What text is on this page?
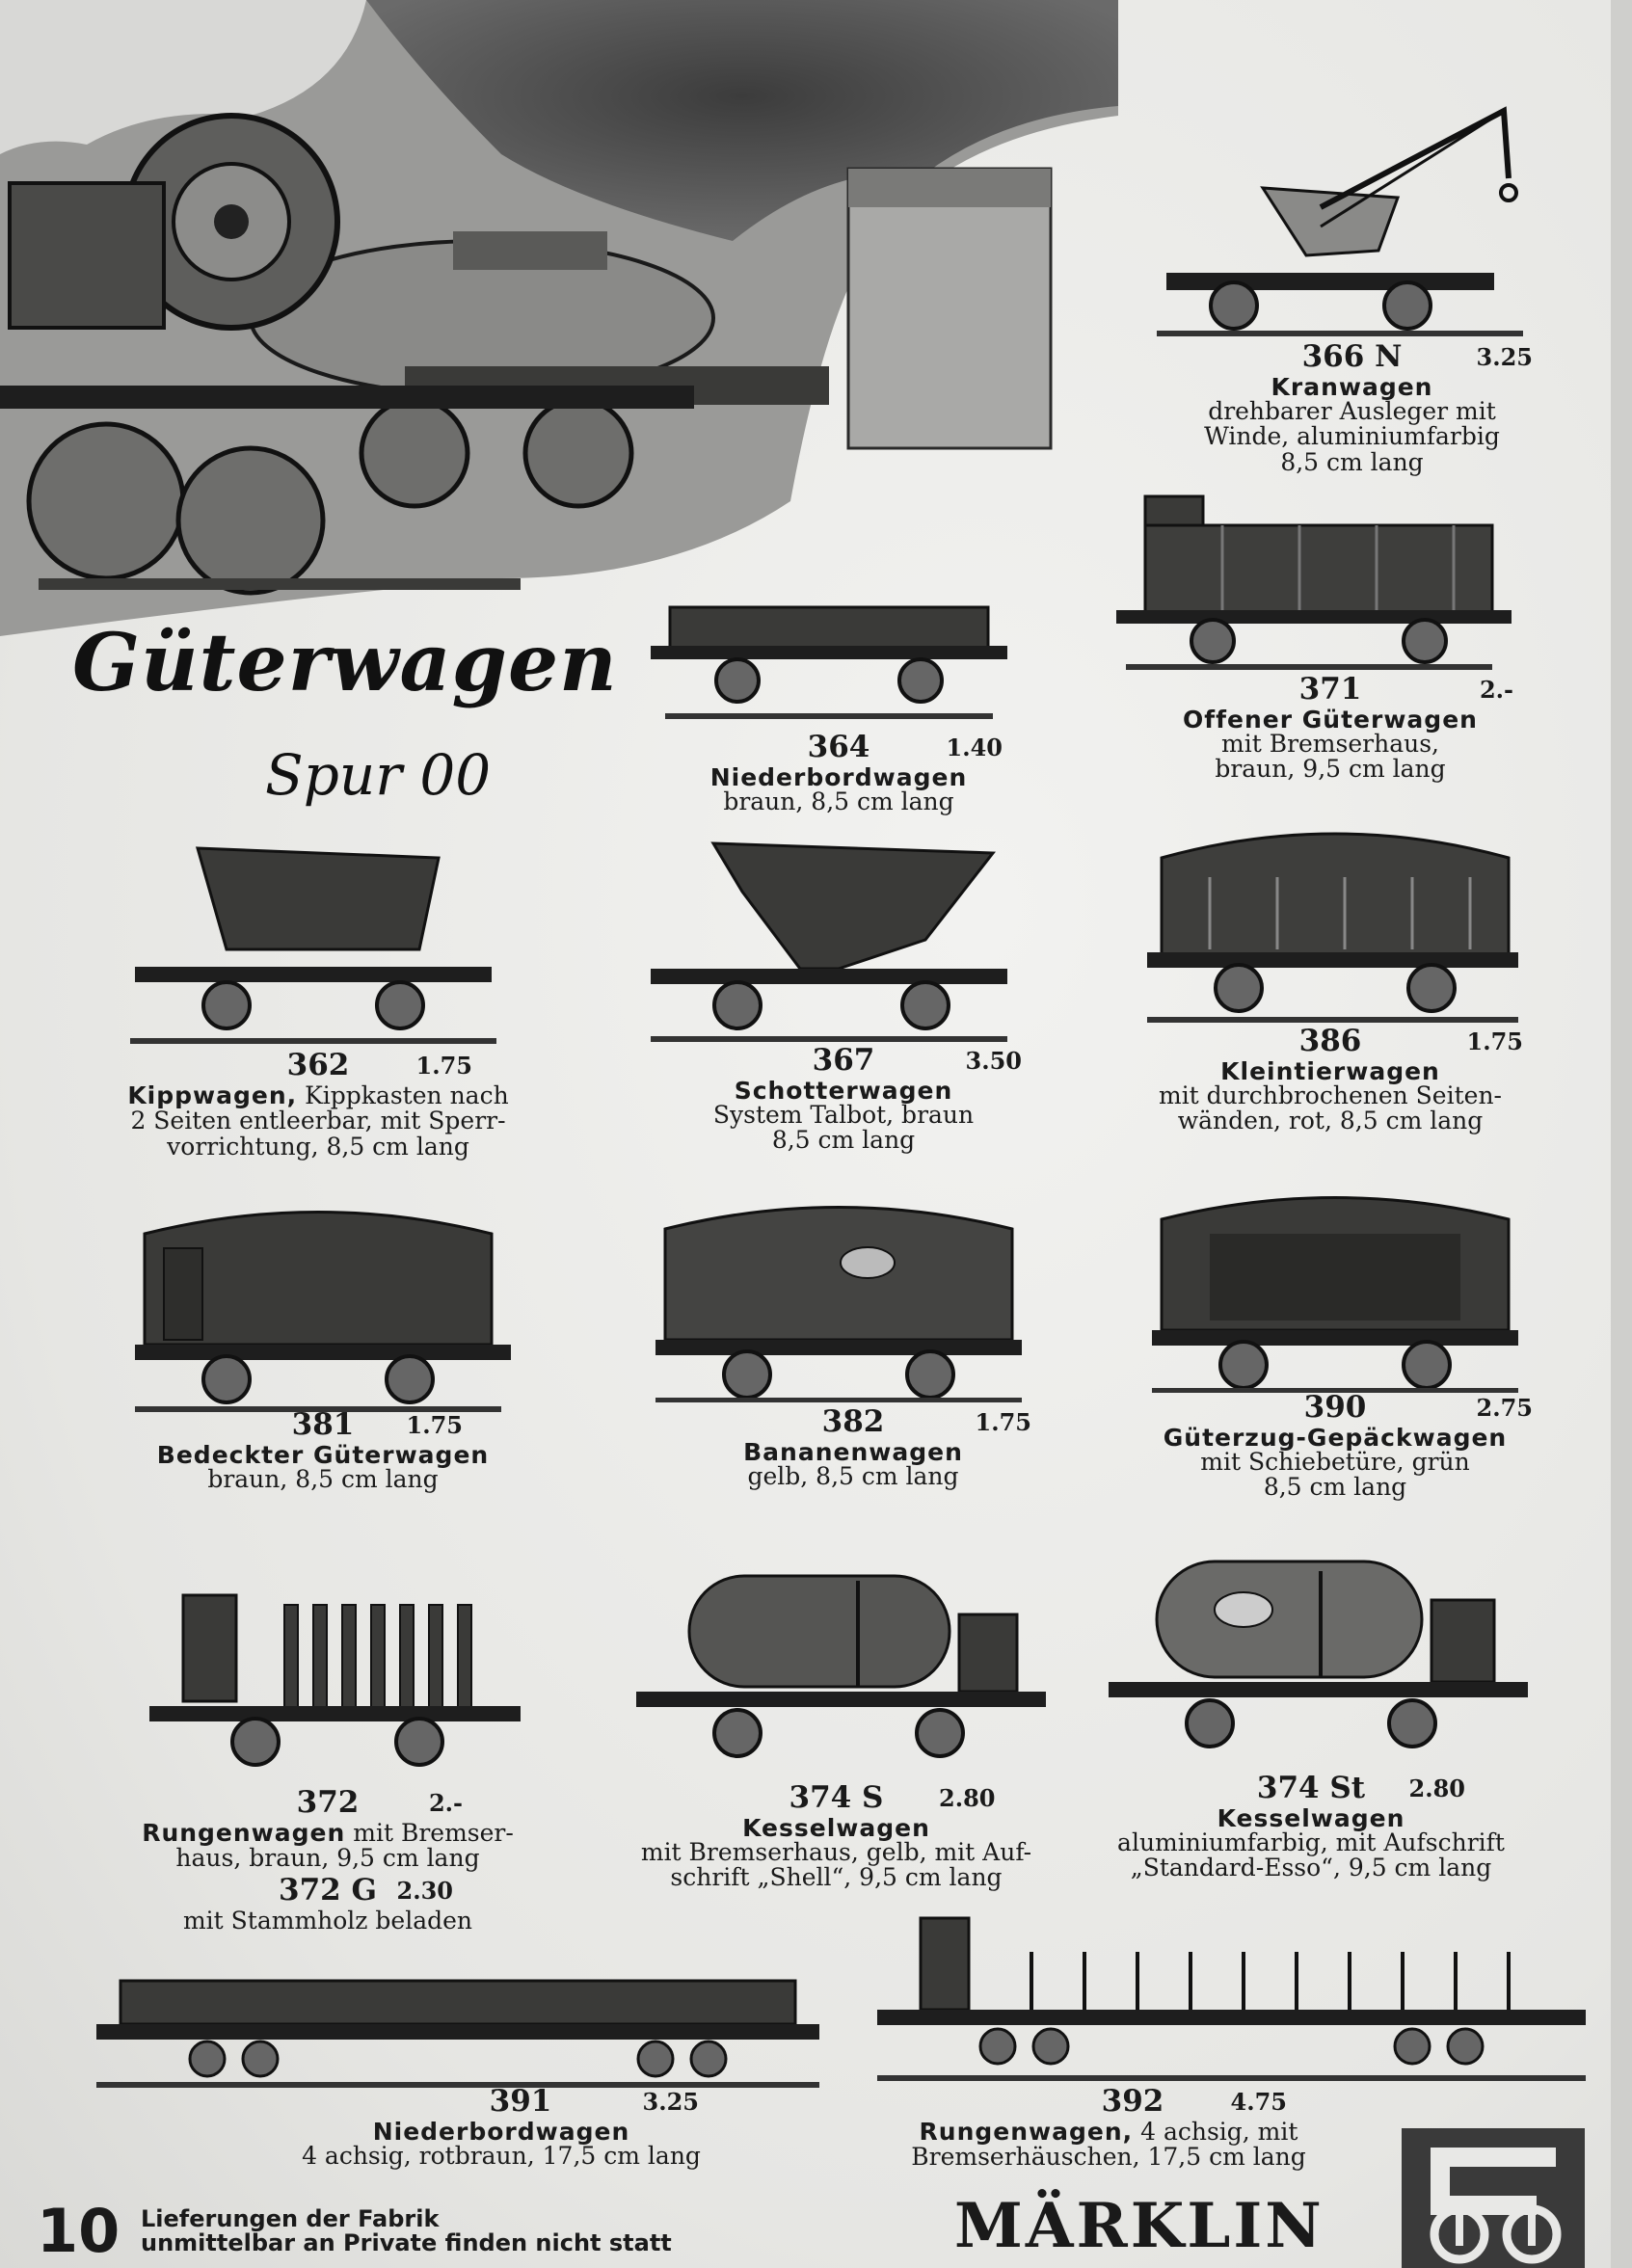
Güterwagen
Spur 00
366 N	3.25
Kranwagen
drehbarer Ausleger mit
Winde, aluminiumfarbig
8,5 cm lang
371	2.-
Offener Güterwagen
mit Bremserhaus,
braun, 9,5 cm lang
364	1.40
Niederbordwagen
braun, 8,5 cm lang
362	1.75
Kippwagen, Kippkasten nach
2 Seiten entleerbar, mit Sperr-
vorrichtung, 8,5 cm lang
367	3.50
Schotterwagen
System Talbot, braun
8,5 cm lang
386	1.75
Kleintierwagen
mit durchbrochenen Seiten-
wänden, rot, 8,5 cm lang
381 1.75
Bedeckter Güterwagen
braun, 8,5 cm lang
382	1.75
Bananenwagen
gelb, 8,5 cm lang
390	2.75
Güterzug-Gepäckwagen
mit Schiebetüre, grün
8,5 cm lang
372	2.-
Rungenwagen mit Bremser-
haus, braun, 9,5 cm lang
372 G 2.30
mit Stammholz beladen
374 S 2.80
Kesselwagen
mit Bremserhaus, gelb, mit Auf-
schrift „Shell“, 9,5 cm lang
374 St 2.80
Kesselwagen
aluminiumfarbig, mit Aufschrift
„Standard-Esso“, 9,5 cm lang
391	3.25
Niederbordwagen
4 achsig, rotbraun, 17,5 cm lang
392	4.75
Rungenwagen, 4 achsig, mit
Bremserhäuschen, 17,5 cm lang
10 Lieferungen der Fabrik
unmittelbar an Private finden nicht statt	MÄRKLIN
